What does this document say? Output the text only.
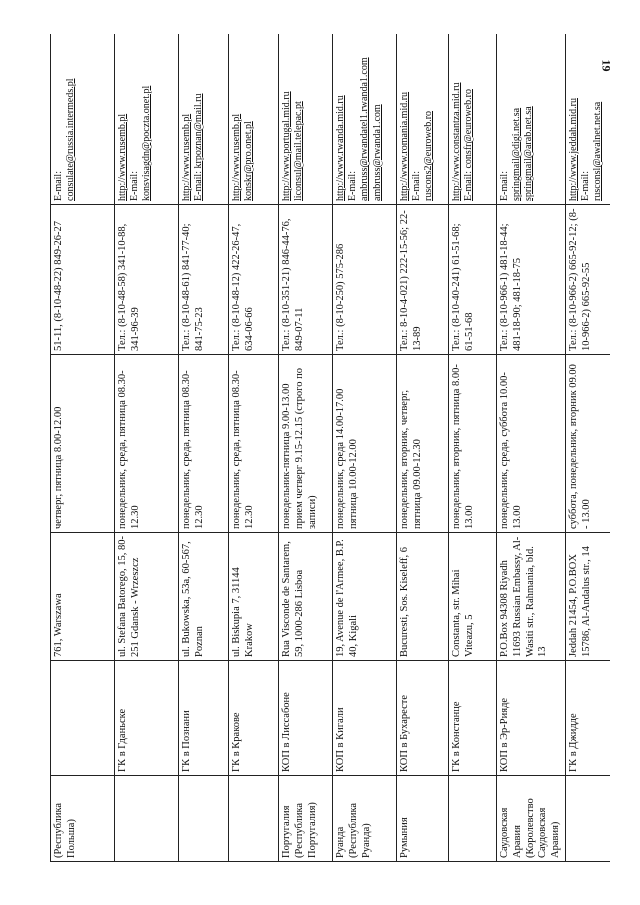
19
(Республика Польша)		761, Warszawa	четверг, пятница 8.00-12.00	51-11, (8-10-48-22) 849-26-27	E-mail: consulate@russia.intermeds.pl

	ГК в Гданьске	ul. Stefana Batorego, 15, 80-251 Gdansk - Wrzeszcz	понедельник, среда, пятница 08.30-12.30	Тел.: (8-10-48-58) 341-10-88, 341-96-39	http://www.rusemb.pl E-mail: konsvisagdn@poczta.onet.pl

	ГК в Познани	ul. Bukowska, 53a, 60-567, Poznan	понедельник, среда, пятница 08.30-12.30	Тел.: (8-10-48-61) 841-77-40; 841-75-23	http://www.rusemb.pl E-mail: krpoznan@mail.ru

	ГК в Кракове	ul. Biskupia 7, 31144 Krakow	понедельник, среда, пятница 08.30-12.30	Тел.: (8-10-48-12) 422-26-47, 634-06-66	http://www.rusemb.pl konskr@pro.onet.pl

Португалия (Республика Португалия)	КОП в Лиссабоне	Rua Visconde de Santarem, 59, 1000-286 Lisboa	понедельник-пятница 9.00-13.00 прием четверг 9.15-12.15 (строго по записи)	Тел.: (8-10-351-21) 846-44-76, 849-07-11	http://www.portugal.mid.ru liconsul@mail.telepac.pt

Руанда (Республика Руанда)	КОП в Кигали	19, Avenue de l'Armee, B.P. 40, Kigali	понедельник, среда 14.00-17.00 пятница 10.00-12.00	Тел.: (8-10-250) 575-286	http://www.rwanda.mid.ru E-mail: ambruss@rwandatel1.rwanda1.com ambruss@rwanda1.com

Румыния	КОП в Бухаресте	Bucuresti, Sos. Kiseleff, 6	понедельник, вторник, четверг, пятница 09.00-12.30	Тел.: 8-10-4-021) 222-15-56; 22-13-89	http://www.romania.mid.ru E-mail: ruscons2@euroweb.ro

	ГК в Констанце	Constanta, str. Mihai Viteazu, 5	понедельник, вторник, пятница 8.00-13.00	Тел.: (8-10-40-241) 61-51-68; 61-51-68	http://www.constantza.mid.ru E-mail: consfr@euroweb.ro

Саудовская Аравия (Королевство Саудовская Аравия)	КОП в Эр-Рияде	P.O.Box 94308 Riyadh 11693 Russian Embassy, Al-Wasiti str., Rahmania, bld. 13	понедельник, среда, суббота 10.00-13.00	Тел.: (8-10-966-1) 481-18-44; 481-18-90; 481-18-75	E-mail: springmail@digi.net.sa springmail@arab.net.sa

	ГК в Джидде	Jeddah 21454, P.O.BOX 15786, Al-Andalus str., 14	суббота, понедельник, вторник 09.00 - 13.00	Тел.: (8-10-966-2) 665-92-12; (8-10-966-2) 665-92-55	http://www.jeddah.mid.ru E-mail: rusconsl@awalnet.net.sa
